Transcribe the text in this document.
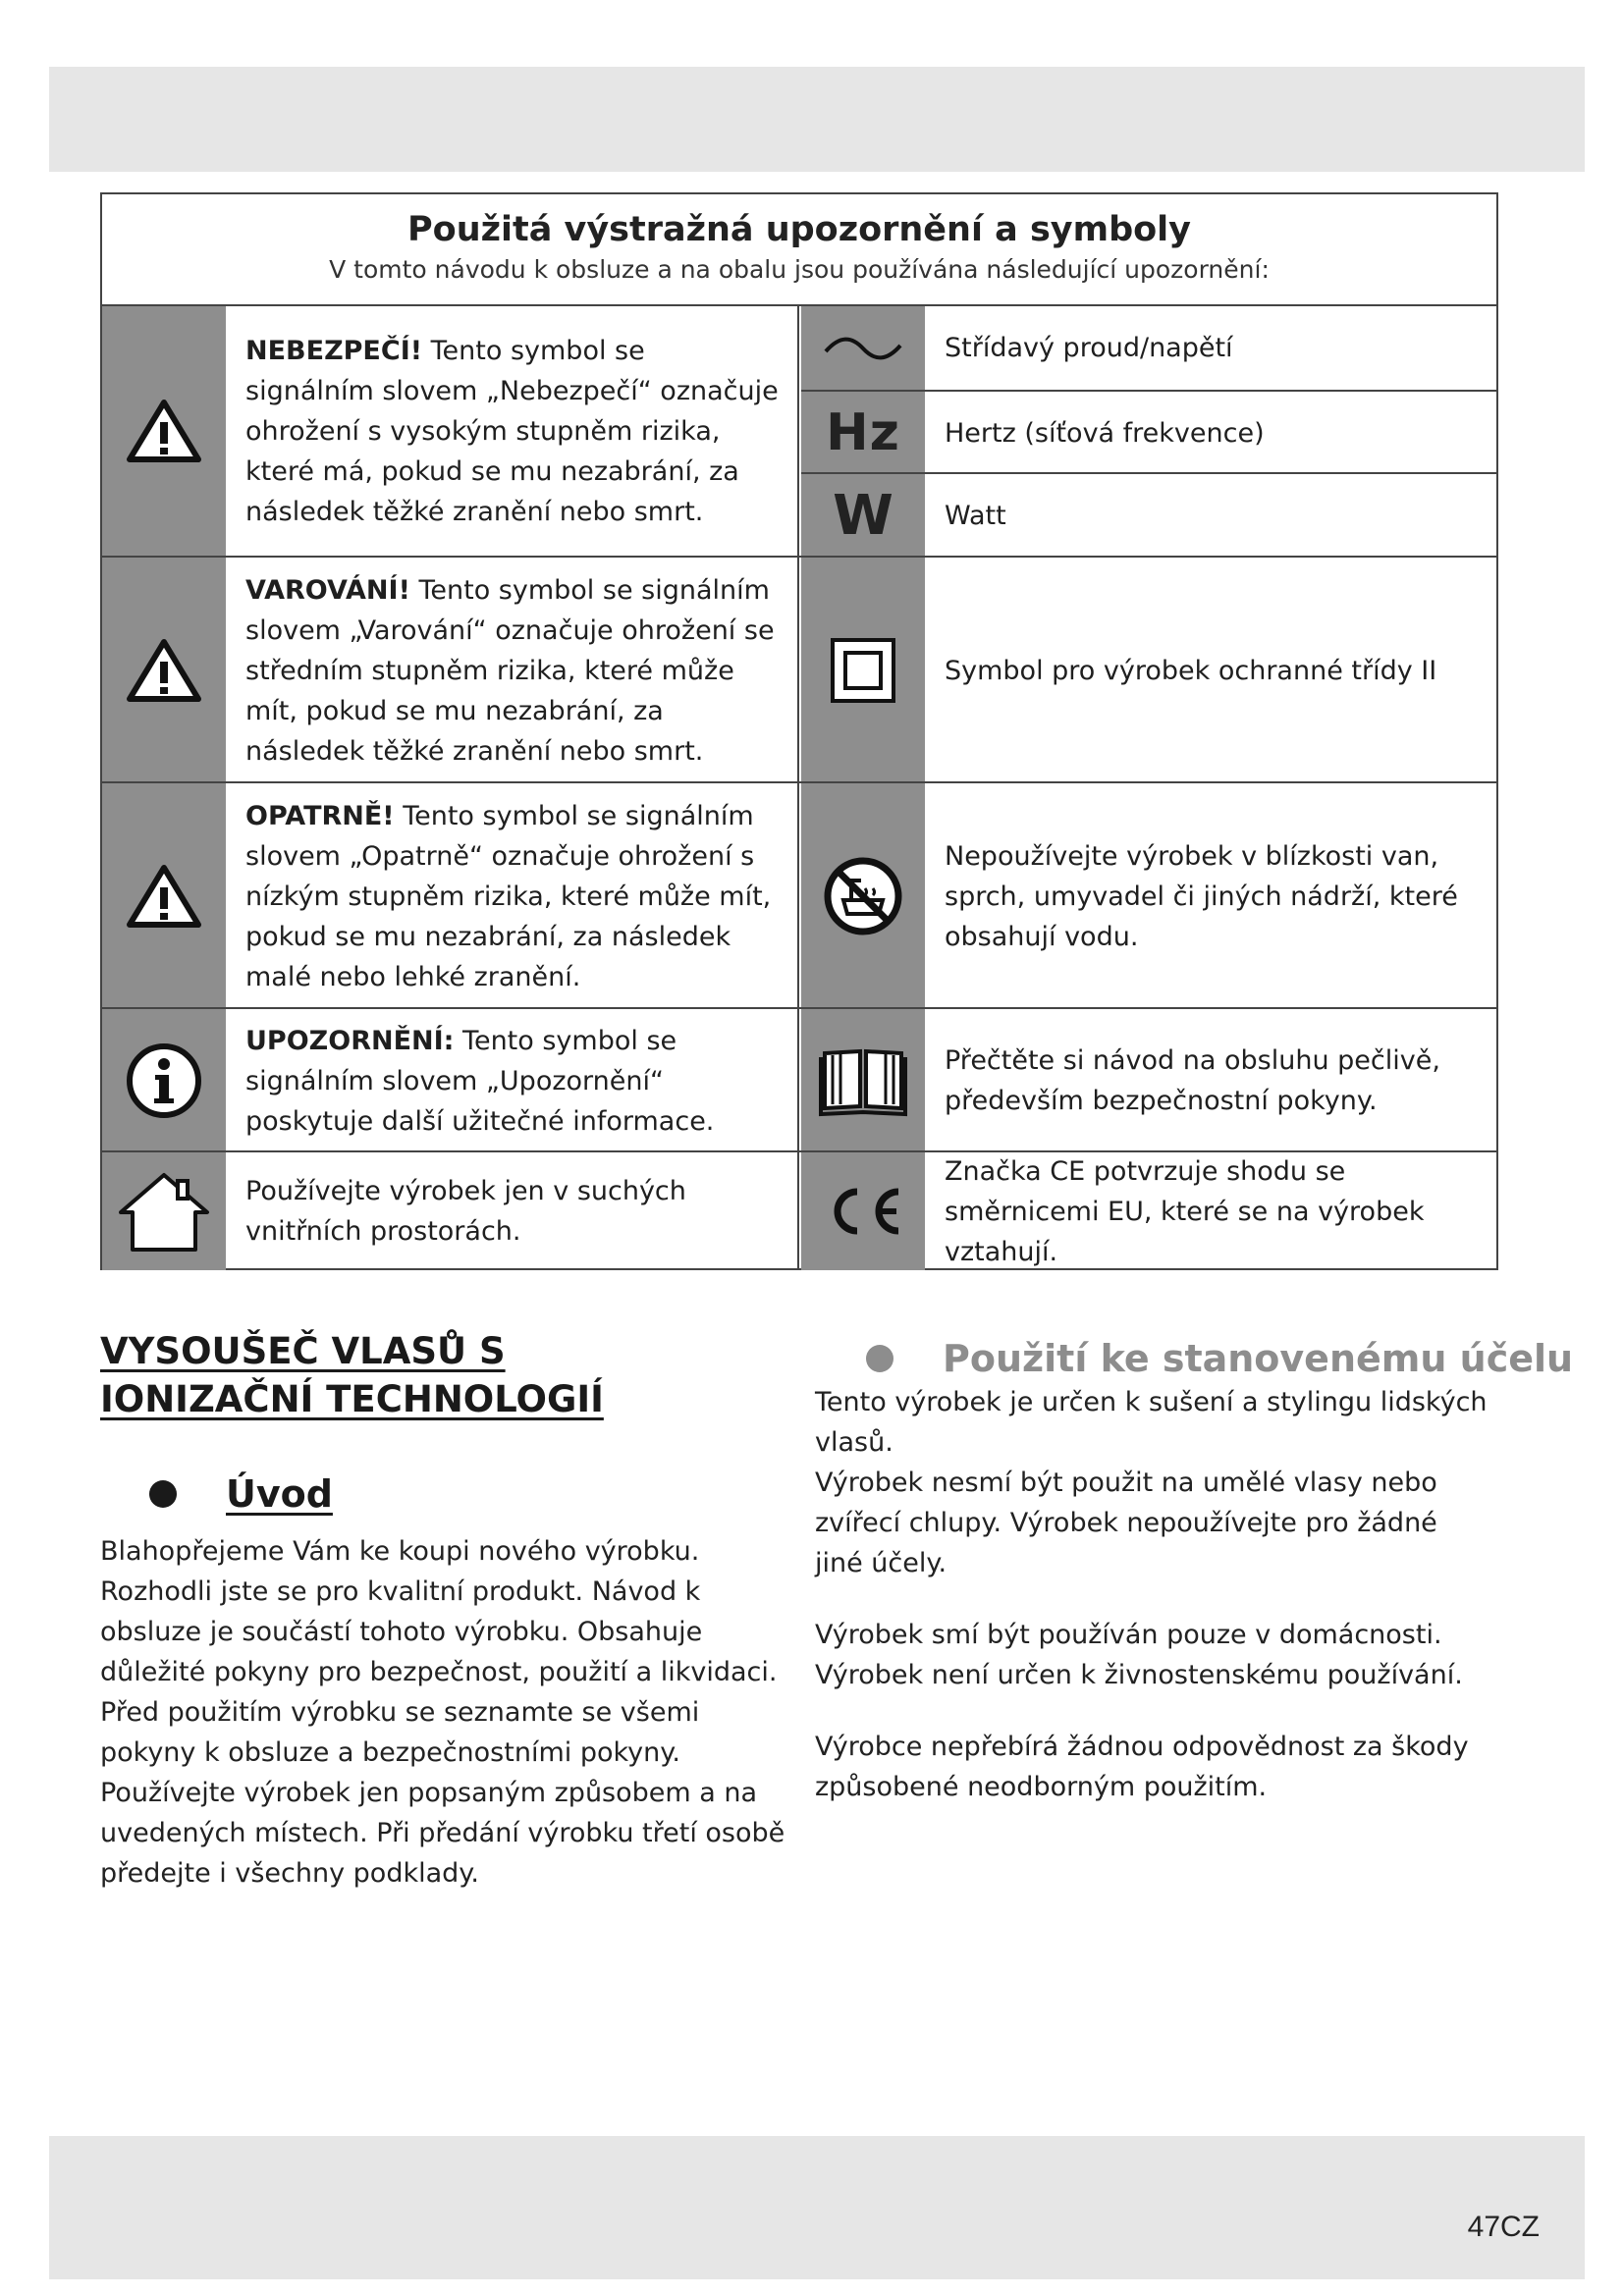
Použitá výstražná upozornění a symboly

V tomto návodu k obsluze a na obalu jsou používána následující upozornění:

NEBEZPEČÍ! Tento symbol se signálním slovem „Nebezpečí“ označuje ohrožení s vysokým stupněm rizika, které má, pokud se mu nezabrání, za následek těžké zranění nebo smrt.
Střídavý proud/napětí
Hz Hertz (síťová frekvence)
W Watt
VAROVÁNÍ! Tento symbol se signálním slovem „Varování“ označuje ohrožení se středním stupněm rizika, které může mít, pokud se mu nezabrání, za následek těžké zranění nebo smrt.
Symbol pro výrobek ochranné třídy II
OPATRNĚ! Tento symbol se signálním slovem „Opatrně“ označuje ohrožení s nízkým stupněm rizika, které může mít, pokud se mu nezabrání, za následek malé nebo lehké zranění.
Nepoužívejte výrobek v blízkosti van, sprch, umyvadel či jiných nádrží, které obsahují vodu.
UPOZORNĚNÍ: Tento symbol se signálním slovem „Upozornění“ poskytuje další užitečné informace.
Přečtěte si návod na obsluhu pečlivě, především bezpečnostní pokyny.
Používejte výrobek jen v suchých vnitřních prostorách.
Značka CE potvrzuje shodu se směrnicemi EU, které se na výrobek vztahují.
VYSOUŠEČ VLASŮ S IONIZAČNÍ TECHNOLOGIÍ
Úvod

Blahopřejeme Vám ke koupi nového výrobku. Rozhodli jste se pro kvalitní produkt. Návod k obsluze je součástí tohoto výrobku. Obsahuje důležité pokyny pro bezpečnost, použití a likvidaci. Před použitím výrobku se seznamte se všemi pokyny k obsluze a bezpečnostními pokyny. Používejte výrobek jen popsaným způsobem a na uvedených místech. Při předání výrobku třetí osobě předejte i všechny podklady.

Použití ke stanovenému účelu

Tento výrobek je určen k sušení a stylingu lidských vlasů.

Výrobek nesmí být použit na umělé vlasy nebo zvířecí chlupy. Výrobek nepoužívejte pro žádné jiné účely.

Výrobek smí být používán pouze v domácnosti. Výrobek není určen k živnostenskému používání.

Výrobce nepřebírá žádnou odpovědnost za škody způsobené neodborným použitím.

47CZ
